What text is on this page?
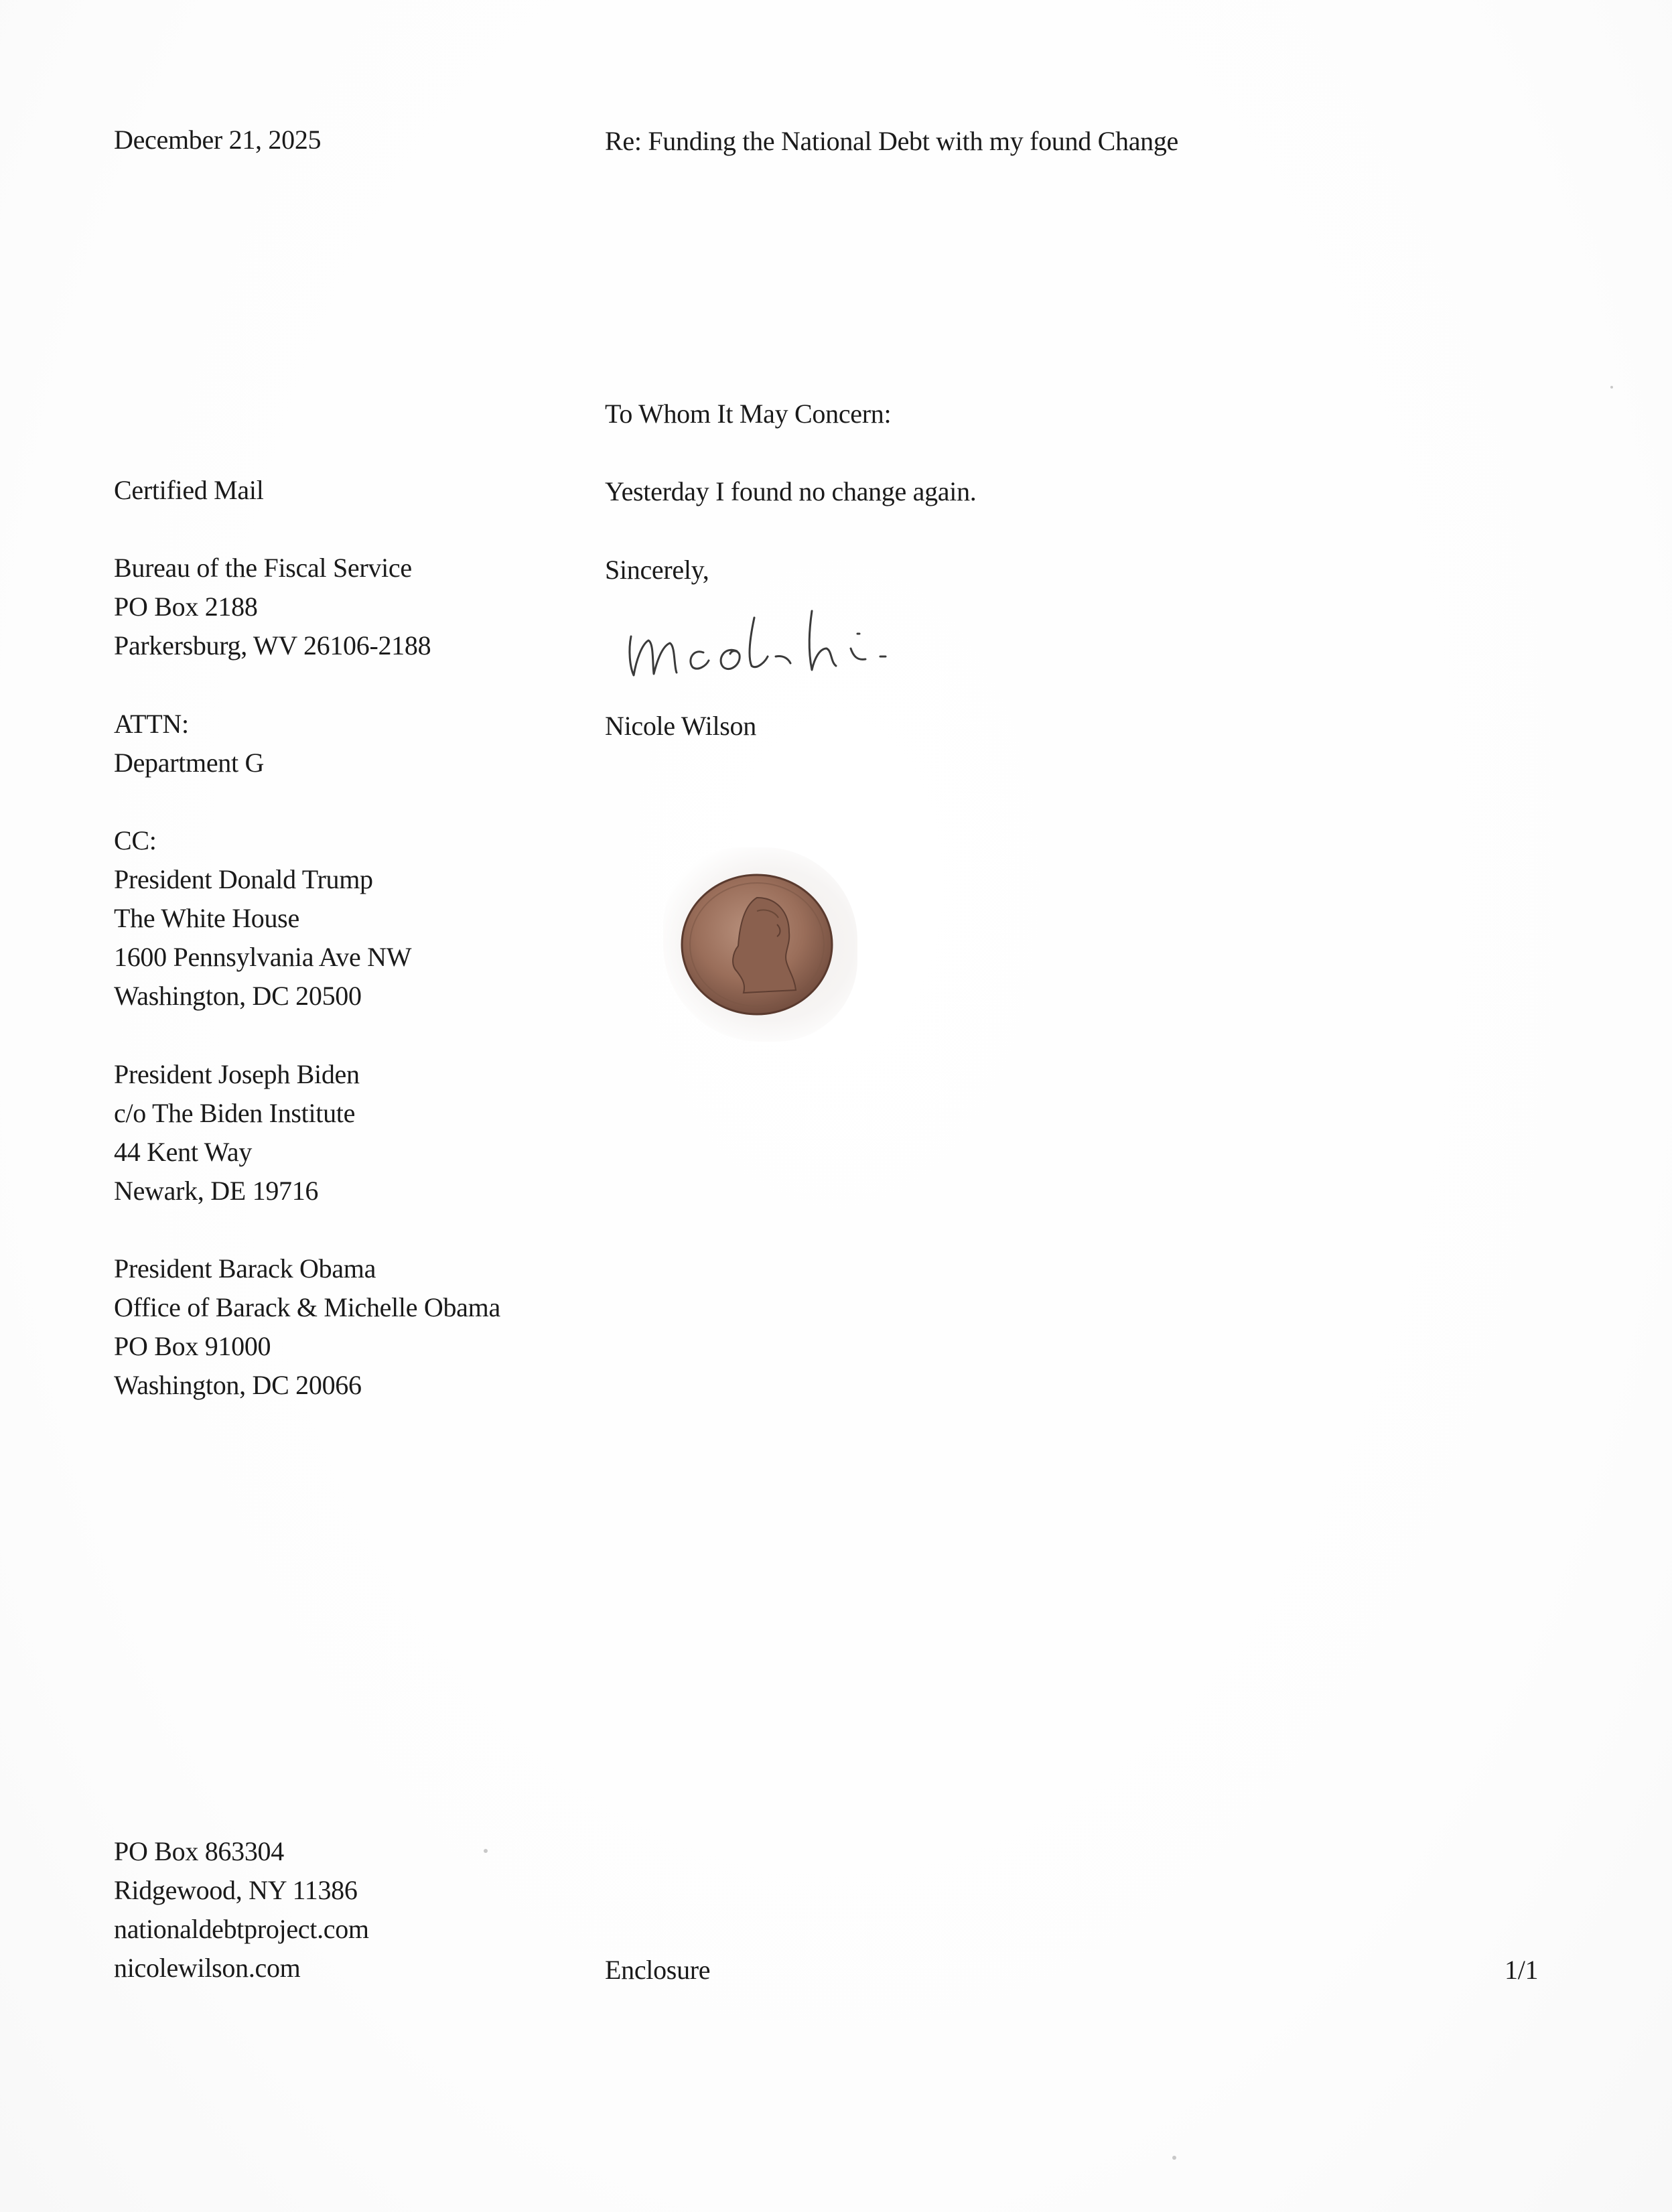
December 21, 2025	Re: Funding the National Debt with my found Change
To Whom It May Concern:
Yesterday I found no change again.
Sincerely,
Nicole Wilson
Certified Mail
Bureau of the Fiscal Service
PO Box 2188
Parkersburg, WV 26106-2188
ATTN:
Department G
CC:
President Donald Trump
The White House
1600 Pennsylvania Ave NW
Washington, DC 20500
President Joseph Biden
c/o The Biden Institute
44 Kent Way
Newark, DE 19716
President Barack Obama
Office of Barack & Michelle Obama
PO Box 91000
Washington, DC 20066
PO Box 863304
Ridgewood, NY 11386
nationaldebtproject.com
nicolewilson.com	Enclosure	1/1
